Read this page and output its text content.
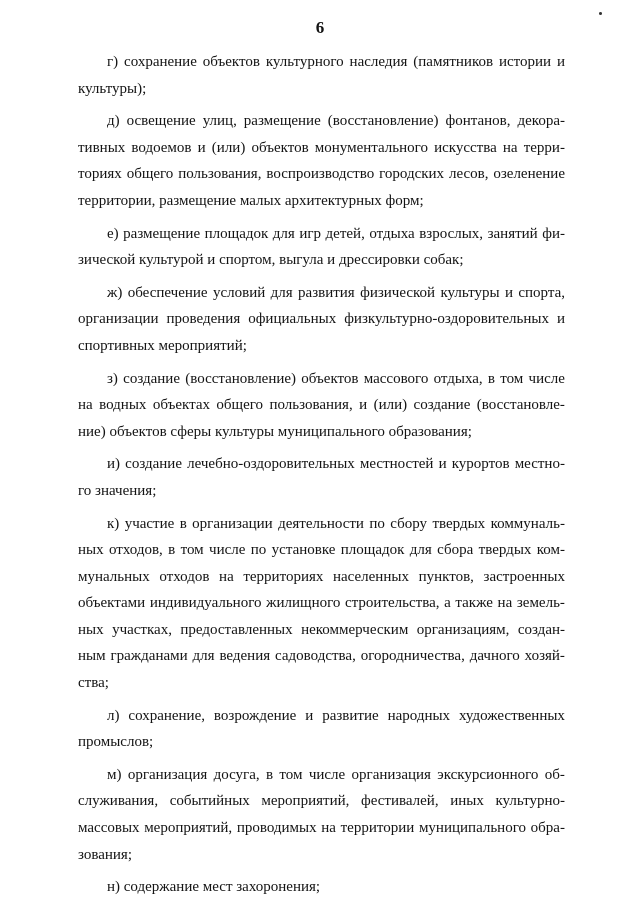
6
г) сохранение объектов культурного наследия (памятников истории и
культуры);
д) освещение улиц, размещение (восстановление) фонтанов, декора-
тивных водоемов и (или) объектов монументального искусства на терри-
ториях общего пользования, воспроизводство городских лесов, озеленение
территории, размещение малых архитектурных форм;
е) размещение площадок для игр детей, отдыха взрослых, занятий фи-
зической культурой и спортом, выгула и дрессировки собак;
ж) обеспечение условий для развития физической культуры и спорта,
организации проведения официальных физкультурно-оздоровительных и
спортивных мероприятий;
з) создание (восстановление) объектов массового отдыха, в том числе
на водных объектах общего пользования, и (или) создание (восстановле-
ние) объектов сферы культуры муниципального образования;
и) создание лечебно-оздоровительных местностей и курортов местно-
го значения;
к) участие в организации деятельности по сбору твердых коммуналь-
ных отходов, в том числе по установке площадок для сбора твердых ком-
мунальных отходов на территориях населенных пунктов, застроенных
объектами индивидуального жилищного строительства, а также на земель-
ных участках, предоставленных некоммерческим организациям, создан-
ным гражданами для ведения садоводства, огородничества, дачного хозяй-
ства;
л) сохранение, возрождение и развитие народных художественных
промыслов;
м) организация досуга, в том числе организация экскурсионного об-
служивания, событийных мероприятий, фестивалей, иных культурно-
массовых мероприятий, проводимых на территории муниципального обра-
зования;
н) содержание мест захоронения;
